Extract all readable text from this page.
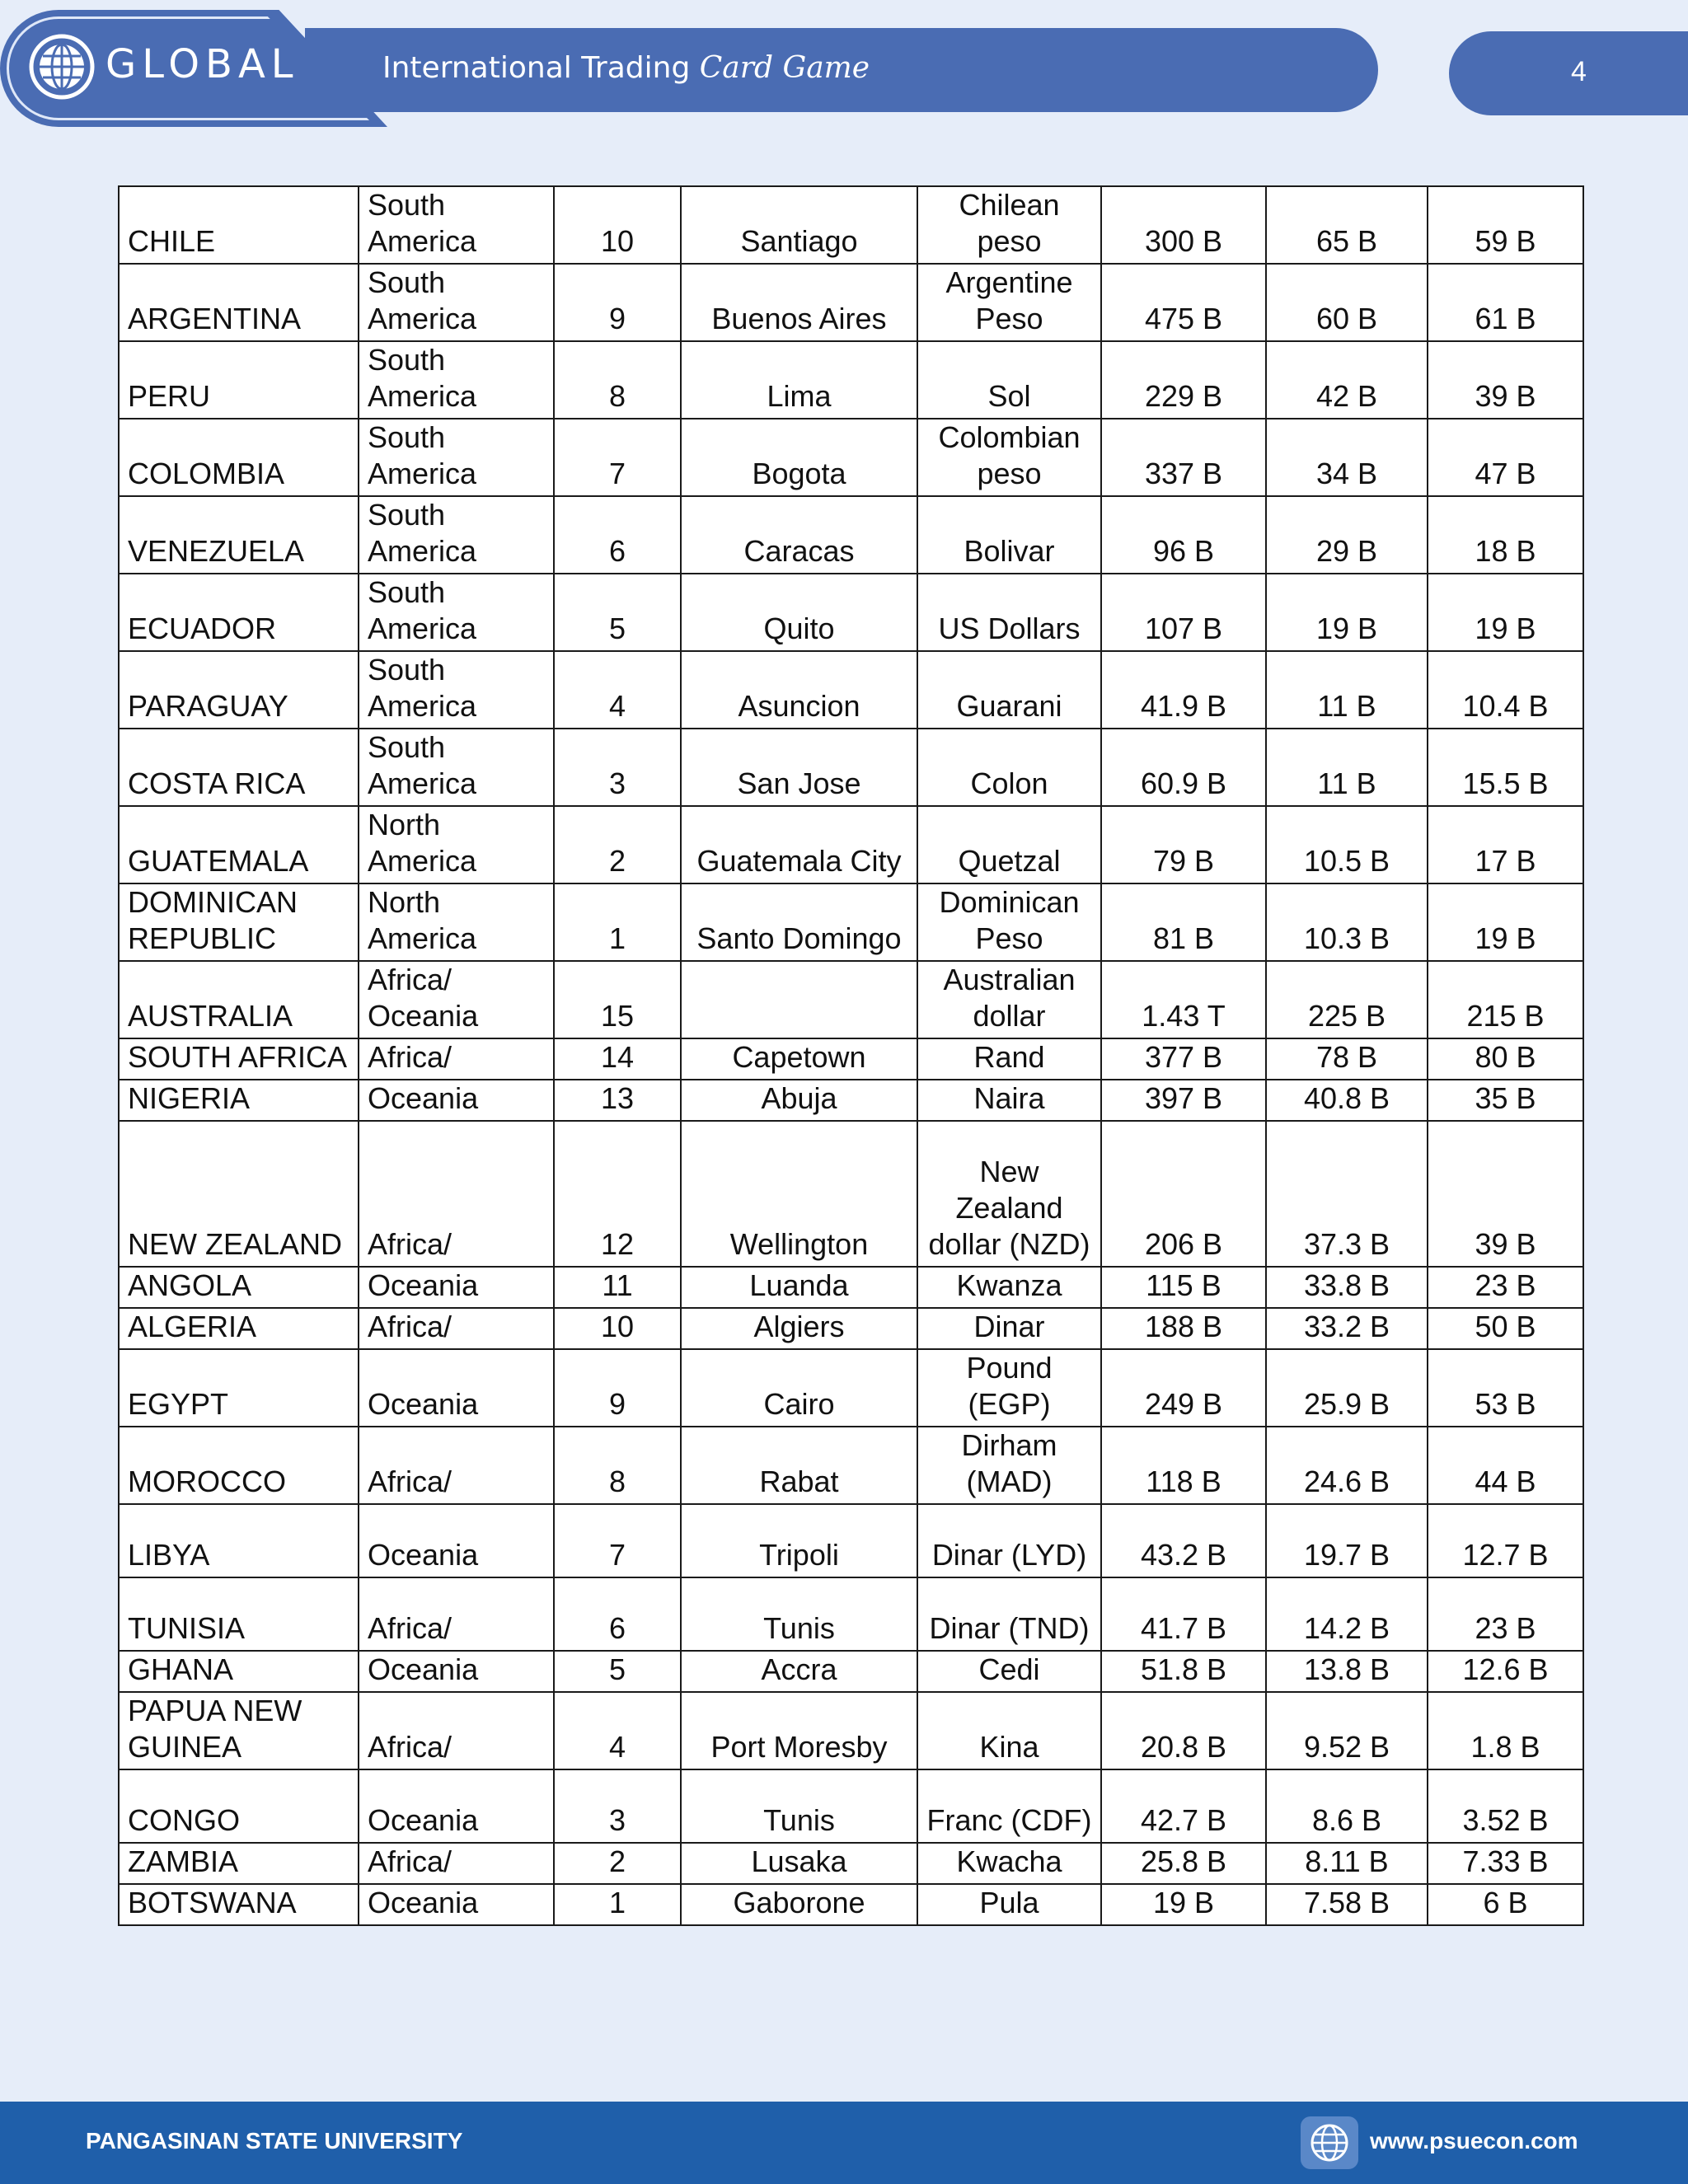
GLOBAL	International Trading Card Game	4
CHILE	South America	10	Santiago	Chilean peso	300 B	65 B	59 B
ARGENTINA	South America	9	Buenos Aires	Argentine Peso	475 B	60 B	61 B
PERU	South America	8	Lima	Sol	229 B	42 B	39 B
COLOMBIA	South America	7	Bogota	Colombian peso	337 B	34 B	47 B
VENEZUELA	South America	6	Caracas	Bolivar	96 B	29 B	18 B
ECUADOR	South America	5	Quito	US Dollars	107 B	19 B	19 B
PARAGUAY	South America	4	Asuncion	Guarani	41.9 B	11 B	10.4 B
COSTA RICA	South America	3	San Jose	Colon	60.9 B	11 B	15.5 B
GUATEMALA	North America	2	Guatemala City	Quetzal	79 B	10.5 B	17 B
DOMINICAN REPUBLIC	North America	1	Santo Domingo	Dominican Peso	81 B	10.3 B	19 B
AUSTRALIA	Africa/ Oceania	15		Australian dollar	1.43 T	225 B	215 B
SOUTH AFRICA	Africa/	14	Capetown	Rand	377 B	78 B	80 B
NIGERIA	Oceania	13	Abuja	Naira	397 B	40.8 B	35 B
NEW ZEALAND	Africa/	12	Wellington	New Zealand dollar (NZD)	206 B	37.3 B	39 B
ANGOLA	Oceania	11	Luanda	Kwanza	115 B	33.8 B	23 B
ALGERIA	Africa/	10	Algiers	Dinar	188 B	33.2 B	50 B
EGYPT	Oceania	9	Cairo	Pound (EGP)	249 B	25.9 B	53 B
MOROCCO	Africa/	8	Rabat	Dirham (MAD)	118 B	24.6 B	44 B
LIBYA	Oceania	7	Tripoli	Dinar (LYD)	43.2 B	19.7 B	12.7 B
TUNISIA	Africa/	6	Tunis	Dinar (TND)	41.7 B	14.2 B	23 B
GHANA	Oceania	5	Accra	Cedi	51.8 B	13.8 B	12.6 B
PAPUA NEW GUINEA	Africa/	4	Port Moresby	Kina	20.8 B	9.52 B	1.8 B
CONGO	Oceania	3	Tunis	Franc (CDF)	42.7 B	8.6 B	3.52 B
ZAMBIA	Africa/	2	Lusaka	Kwacha	25.8 B	8.11 B	7.33 B
BOTSWANA	Oceania	1	Gaborone	Pula	19 B	7.58 B	6 B
PANGASINAN STATE UNIVERSITY	www.psuecon.com
